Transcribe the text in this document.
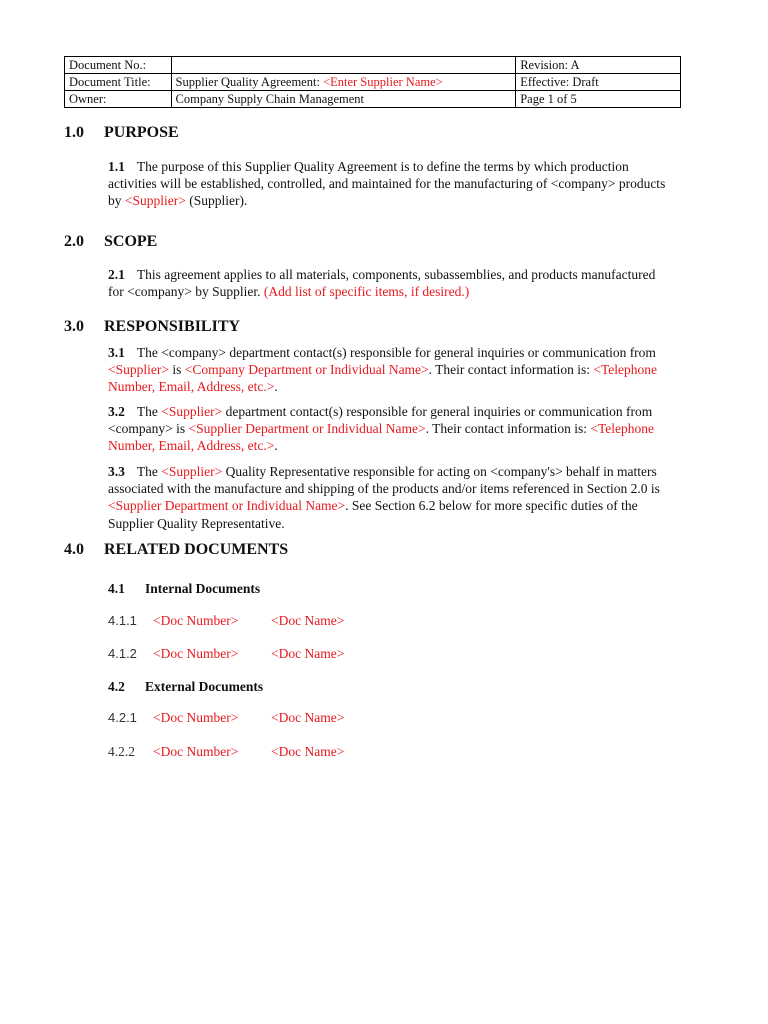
Document No.:		Revision: A
Document Title:	Supplier Quality Agreement: <Enter Supplier Name>	Effective: Draft
Owner:	Company Supply Chain Management	Page 1 of 5
1.0 PURPOSE
1.1 The purpose of this Supplier Quality Agreement is to define the terms by which production activities will be established, controlled, and maintained for the manufacturing of <company> products by <Supplier> (Supplier).
2.0 SCOPE
2.1 This agreement applies to all materials, components, subassemblies, and products manufactured for <company> by Supplier. (Add list of specific items, if desired.)
3.0 RESPONSIBILITY
3.1 The <company> department contact(s) responsible for general inquiries or communication from <Supplier> is <Company Department or Individual Name>. Their contact information is: <Telephone Number, Email, Address, etc.>.
3.2 The <Supplier> department contact(s) responsible for general inquiries or communication from <company> is <Supplier Department or Individual Name>. Their contact information is: <Telephone Number, Email, Address, etc.>.
3.3 The <Supplier> Quality Representative responsible for acting on <company's> behalf in matters associated with the manufacture and shipping of the products and/or items referenced in Section 2.0 is <Supplier Department or Individual Name>. See Section 6.2 below for more specific duties of the Supplier Quality Representative.
4.0 RELATED DOCUMENTS
4.1 Internal Documents
4.1.1 <Doc Number> <Doc Name>
4.1.2 <Doc Number> <Doc Name>
4.2 External Documents
4.2.1 <Doc Number> <Doc Name>
4.2.2 <Doc Number> <Doc Name>
